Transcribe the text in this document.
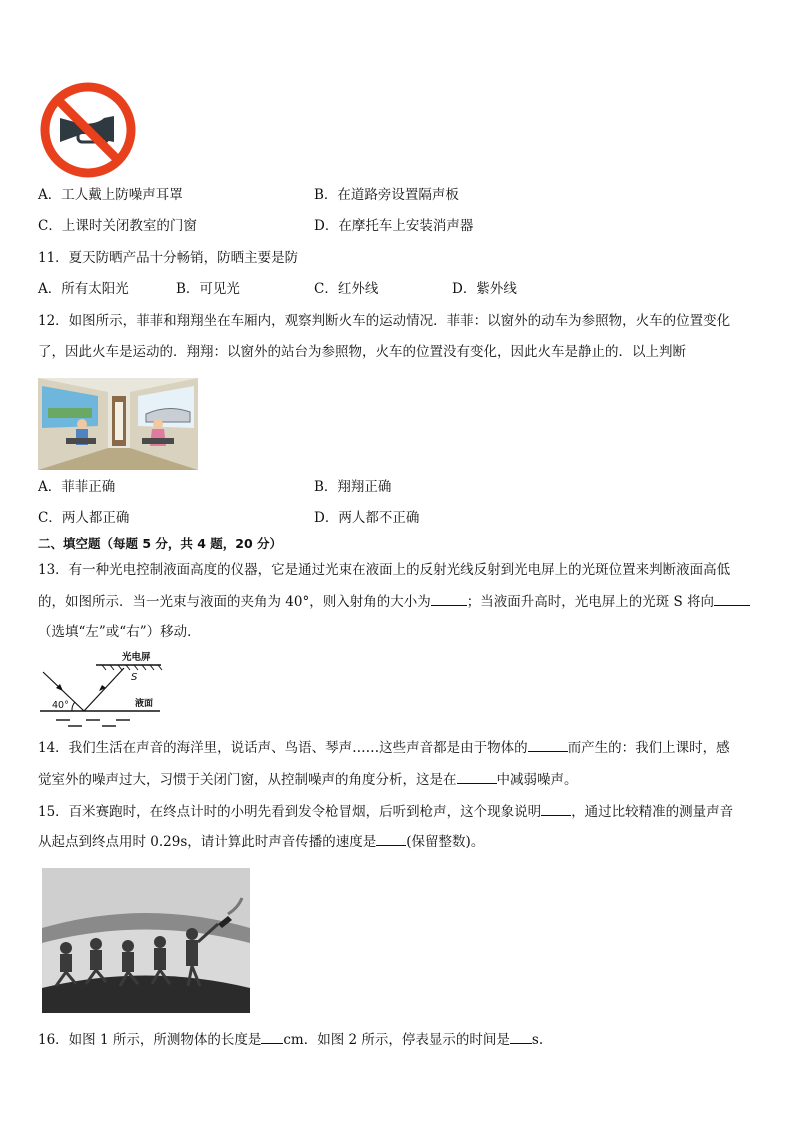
A．工人戴上防噪声耳罩	B．在道路旁设置隔声板
C．上课时关闭教室的门窗	D．在摩托车上安装消声器
11．夏天防晒产品十分畅销，防晒主要是防
A．所有太阳光	B．可见光	C．红外线	D．紫外线
12．如图所示，菲菲和翔翔坐在车厢内，观察判断火车的运动情况．菲菲：以窗外的动车为参照物，火车的位置变化
了，因此火车是运动的．翔翔：以窗外的站台为参照物，火车的位置没有变化，因此火车是静止的．以上判断
A．菲菲正确	B．翔翔正确
C．两人都正确	D．两人都不正确
二、填空题（每题 5 分，共 4 题，20 分）
13．有一种光电控制液面高度的仪器，它是通过光束在液面上的反射光线反射到光电屏上的光斑位置来判断液面高低
的，如图所示．当一光束与液面的夹角为 40°，则入射角的大小为	；当液面升高时，光电屏上的光斑 S 将向
（选填“左”或“右”）移动．
光电屏
S
40°	液面
14．我们生活在声音的海洋里，说话声、鸟语、琴声……这些声音都是由于物体的	而产生的：我们上课时，感
觉室外的噪声过大，习惯于关闭门窗，从控制噪声的角度分析，这是在	中减弱噪声。
15．百米赛跑时，在终点计时的小明先看到发令枪冒烟，后听到枪声，这个现象说明 ，通过比较精准的测量声音
从起点到终点用时 0.29s，请计算此时声音传播的速度是 (保留整数)。
16．如图 1 所示，所测物体的长度是 cm．如图 2 所示，停表显示的时间是 s.
